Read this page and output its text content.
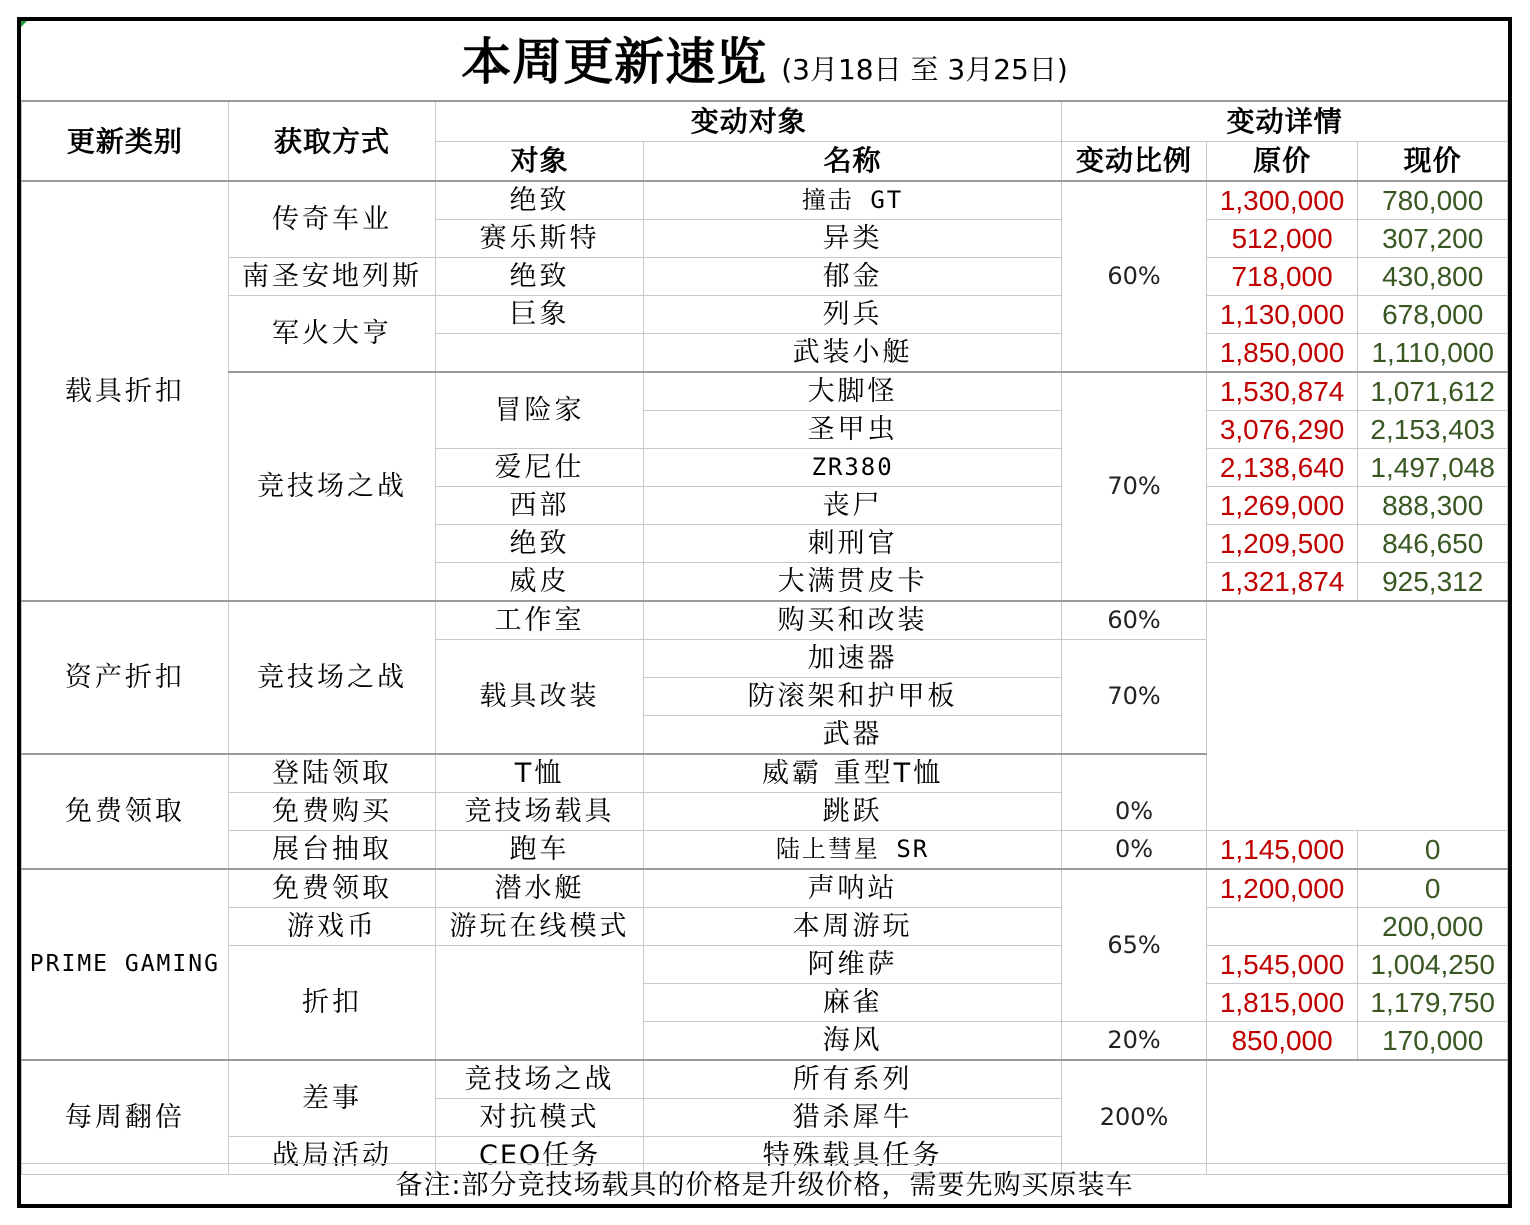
本周更新速览 (3月18日 至 3月25日)
更新类别	获取方式	变动对象		变动详情		
		对象	名称	变动比例	原价	现价
载具折扣	传奇车业	绝致	撞击 GT	60%	1,300,000	780,000
		赛乐斯特	异类		512,000	307,200
	南圣安地列斯	绝致	郁金		718,000	430,800
	军火大亨	巨象	列兵		1,130,000	678,000
			武装小艇		1,850,000	1,110,000
	竞技场之战	冒险家	大脚怪	70%	1,530,874	1,071,612
			圣甲虫		3,076,290	2,153,403
		爱尼仕	ZR380		2,138,640	1,497,048
		西部	丧尸		1,269,000	888,300
		绝致	刺刑官		1,209,500	846,650
		威皮	大满贯皮卡		1,321,874	925,312
资产折扣	竞技场之战	工作室	购买和改装	60%		
		载具改装	加速器	70%		
			防滚架和护甲板			
			武器			
免费领取	登陆领取	T恤	威霸 重型T恤	0%		
	免费购买	竞技场载具	跳跃			
	展台抽取	跑车	陆上彗星 SR	0%	1,145,000	0
PRIME GAMING	免费领取	潜水艇	声呐站	65%	1,200,000	0
	游戏币	游玩在线模式	本周游玩			200,000
	折扣		阿维萨		1,545,000	1,004,250
			麻雀		1,815,000	1,179,750
			海风	20%	850,000	170,000
每周翻倍	差事	竞技场之战	所有系列	200%		
		对抗模式	猎杀犀牛			
	战局活动	CEO任务	特殊载具任务			
备注:部分竞技场载具的价格是升级价格，需要先购买原装车
